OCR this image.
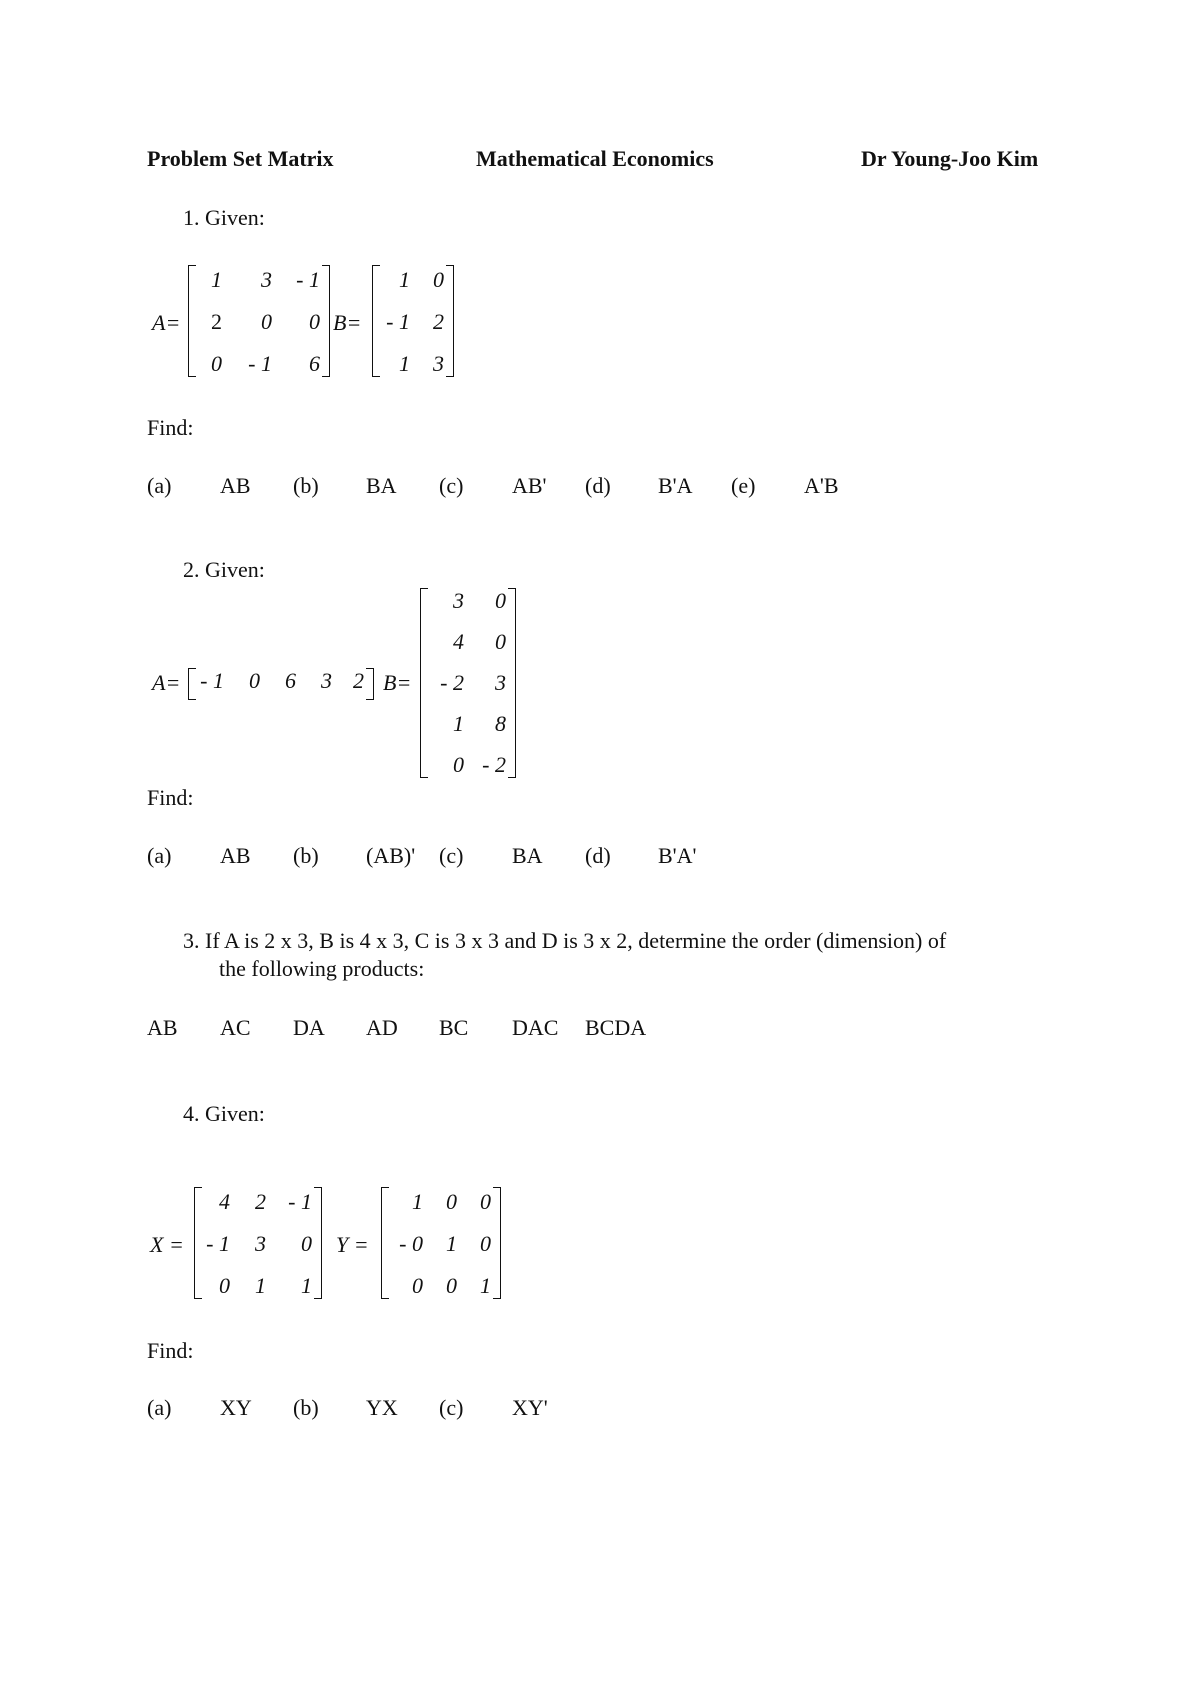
Problem Set Matrix	Mathematical Economics	Dr Young-Joo Kim
1. Given:
A=
1	3	- 1
2	0	0
0	- 1	6
B=
1	0
- 1	2
1	3
Find:
(a)	AB	(b)	BA	(c)	AB'	(d)	B'A	(e)	A'B
2. Given:
A= - 1	0	6	3 2 B=
3	0
4	0
- 2	3
1	8
0 - 2
Find:
(a)	AB	(b)	(AB)'	(c)	BA	(d)	B'A'
3. If A is 2 x 3, B is 4 x 3, C is 3 x 3 and D is 3 x 2, determine the order (dimension) of
the following products:
AB	AC	DA	AD	BC	DAC	BCDA
4. Given:
X =
4	2	- 1
- 1	3	0
0	1	1
Y =
1	0	0
- 0	1	0
0	0	1
Find:
(a)	XY	(b)	YX	(c)	XY'
